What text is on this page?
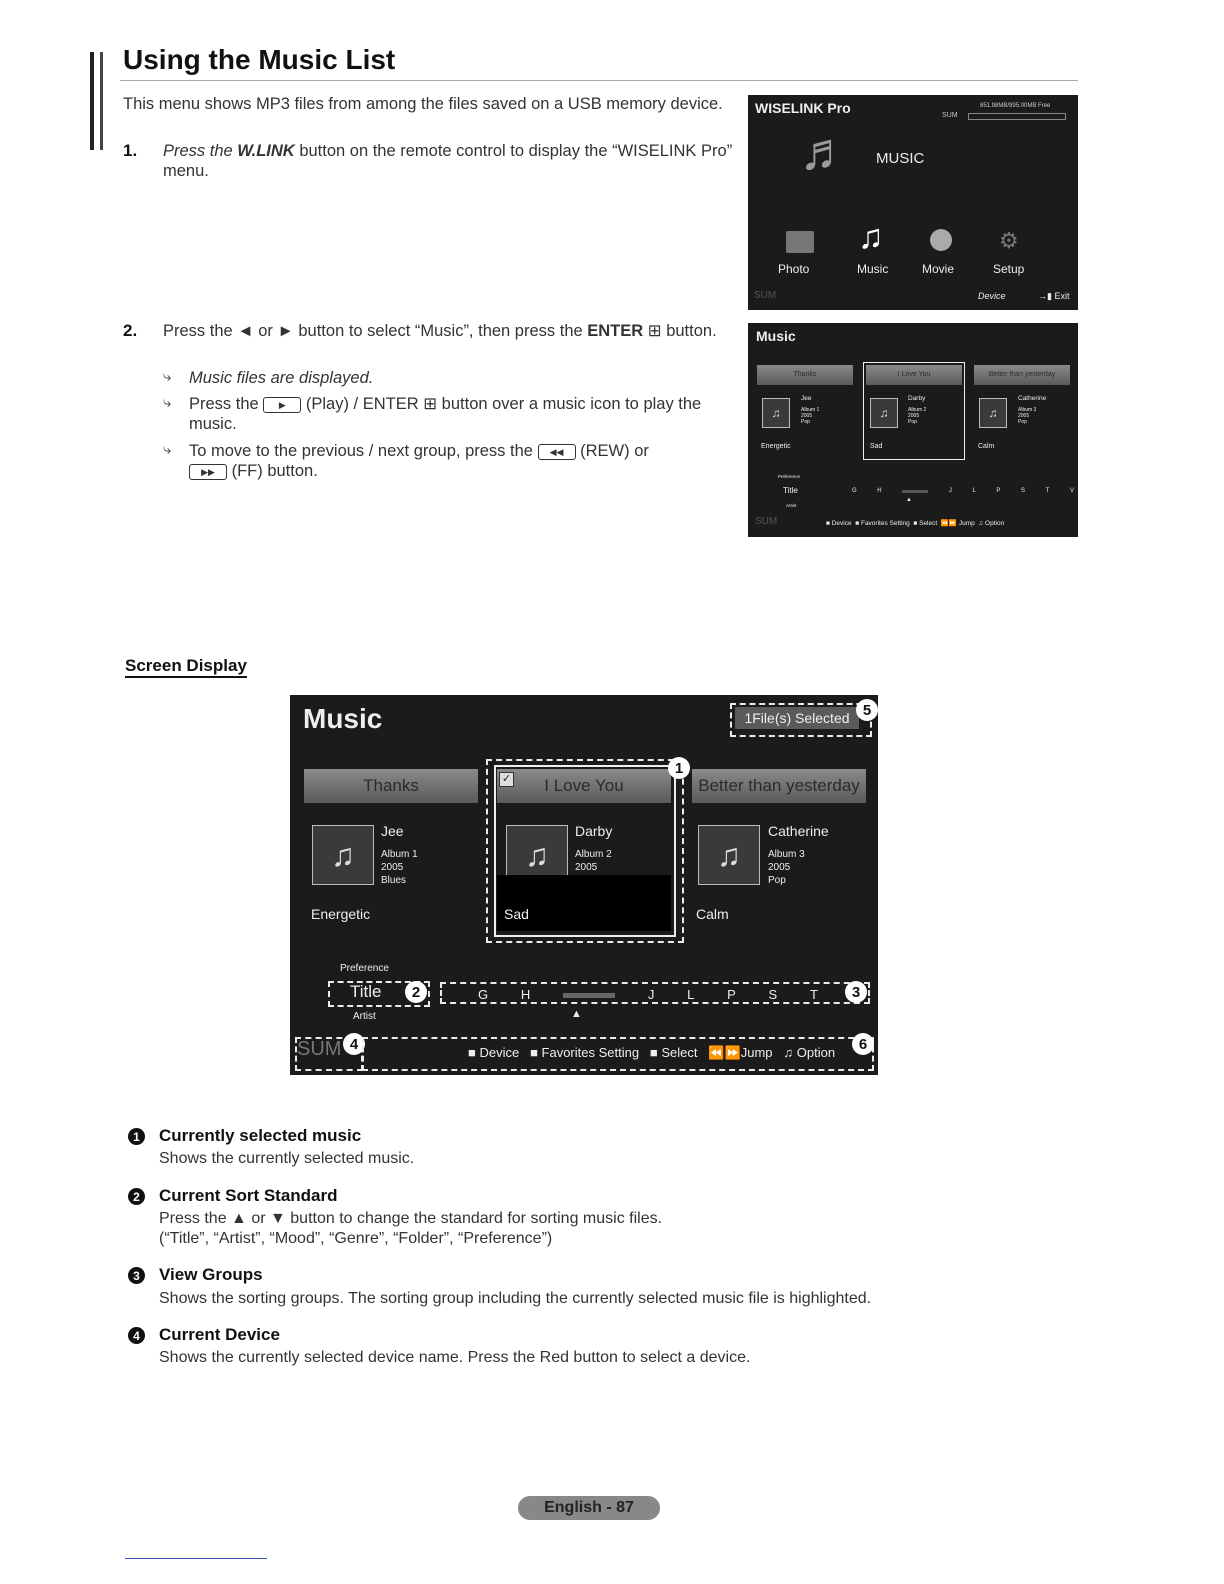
Using the Music List
This menu shows MP3 files from among the files saved on a USB memory device.
1. Press the W.LINK button on the remote control to display the “WISELINK Pro” menu.
2. Press the ◄ or ► button to select “Music”, then press the ENTER ⊞ button.
⤷ Music files are displayed.
⤷ Press the ▶ (Play) / ENTER ⊞ button over a music icon to play the music.
⤷ To move to the previous / next group, press the ◀◀ (REW) or
▶▶ (FF) button.
WISELINK Pro	851.98MB/995.00MB Free
SUM
♬	MUSIC
Photo
♫
Music	Movie
⚙
Setup
SUM	Device	→▮ Exit
Music
Thanks
♫
Jee
Album 1
2005
Pop
Energetic
I Love You
♫
Darby
Album 2
2005
Pop
Sad
Better than yesterday
♫
Catherine
Album 3
2005
Pop
Calm
Preference
Title
Artist
G	H	J	L	P	S	T	V
▲
SUM	■ Device ■ Favorites Setting ■ Select ⏪⏩ Jump ♫ Option
Screen Display
Music	1File(s) Selected 5
Thanks
♫
Jee
Album 1
2005
Blues
Energetic
I Love You
✓
♫
Darby
Album 2
2005

Sad
1
Better than yesterday
♫
Catherine
Album 3
2005
Pop
Calm
Preference
Title	2
Artist
G	H	J	L	P	S	T	3
▲
SUM 4	■ Device ■ Favorites Setting ■ Select ⏪⏩Jump ♫ Option	6
1	Currently selected music
Shows the currently selected music.
2	Current Sort Standard
Press the ▲ or ▼ button to change the standard for sorting music files.
(“Title”, “Artist”, “Mood”, “Genre”, “Folder”, “Preference”)
3	View Groups
Shows the sorting groups. The sorting group including the currently selected music file is highlighted.
4	Current Device
Shows the currently selected device name. Press the Red button to select a device.
English - 87
